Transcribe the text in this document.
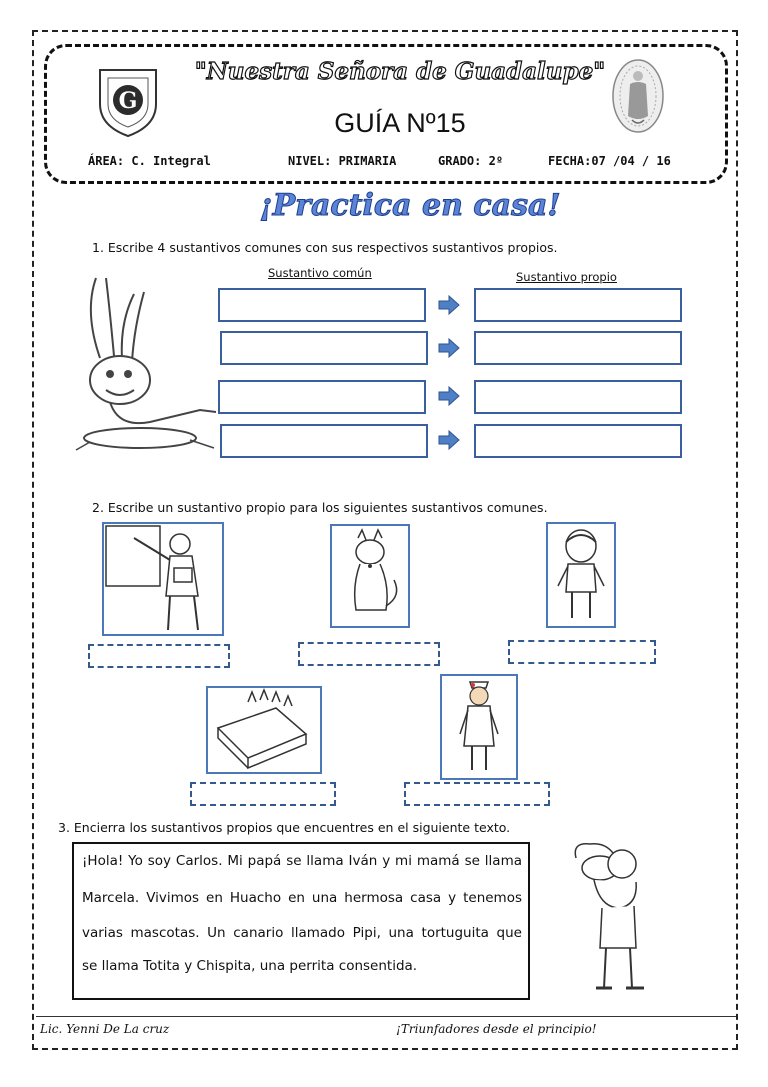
G
"Nuestra Señora de Guadalupe"
GUÍA Nº15
ÁREA: C. Integral	NIVEL: PRIMARIA	GRADO: 2º	FECHA:07 /04 / 16
¡Practica en casa!
1. Escribe 4 sustantivos comunes con sus respectivos sustantivos propios.
Sustantivo común	Sustantivo propio
2. Escribe un sustantivo propio para los siguientes sustantivos comunes.
3. Encierra los sustantivos propios que encuentres en el siguiente texto.
¡Hola! Yo soy Carlos. Mi papá se llama Iván y mi mamá se llama
Marcela. Vivimos en Huacho en una hermosa casa y tenemos
varias mascotas. Un canario llamado Pipi, una tortuguita que
se llama Totita y Chispita, una perrita consentida.
Lic. Yenni De La cruz	¡Triunfadores desde el principio!
